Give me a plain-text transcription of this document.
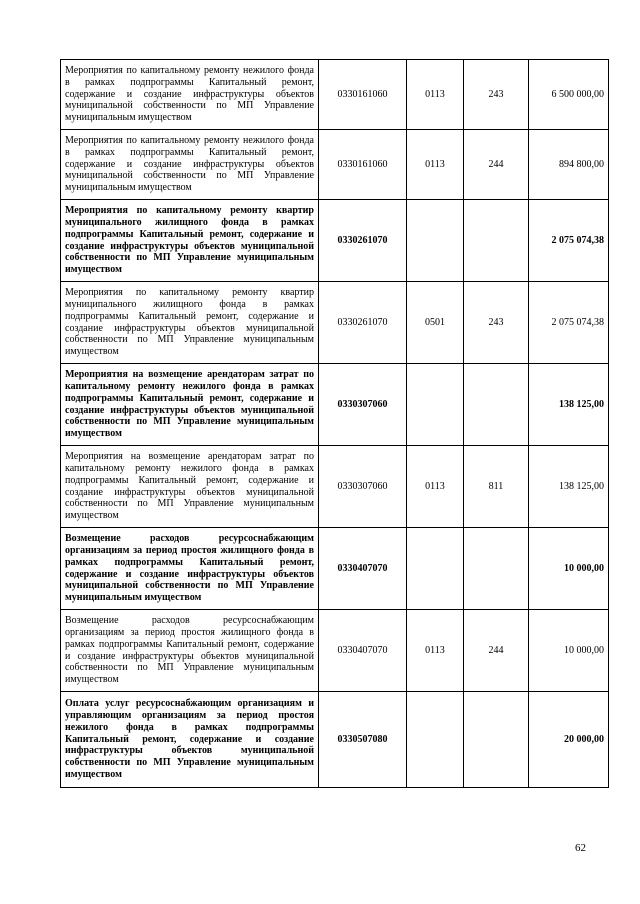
Мероприятия по капитальному ремонту нежилого фонда в рамках подпрограммы Капитальный ремонт, содержание и создание инфраструктуры объектов муниципальной собственности по МП Управление муниципальным имуществом	0330161060	0113	243	6 500 000,00
Мероприятия по капитальному ремонту нежилого фонда в рамках подпрограммы Капитальный ремонт, содержание и создание инфраструктуры объектов муниципальной собственности по МП Управление муниципальным имуществом	0330161060	0113	244	894 800,00
Мероприятия по капитальному ремонту квартир муниципального жилищного фонда в рамках подпрограммы Капитальный ремонт, содержание и создание инфраструктуры объектов муниципальной собственности по МП Управление муниципальным имуществом	0330261070			2 075 074,38
Мероприятия по капитальному ремонту квартир муниципального жилищного фонда в рамках подпрограммы Капитальный ремонт, содержание и создание инфраструктуры объектов муниципальной собственности по МП Управление муниципальным имуществом	0330261070	0501	243	2 075 074,38
Мероприятия на возмещение арендаторам затрат по капитальному ремонту нежилого фонда в рамках подпрограммы Капитальный ремонт, содержание и создание инфраструктуры объектов муниципальной собственности по МП Управление муниципальным имуществом	0330307060			138 125,00
Мероприятия на возмещение арендаторам затрат по капитальному ремонту нежилого фонда в рамках подпрограммы Капитальный ремонт, содержание и создание инфраструктуры объектов муниципальной собственности по МП Управление муниципальным имуществом	0330307060	0113	811	138 125,00
Возмещение расходов ресурсоснабжающим организациям за период простоя жилищного фонда в рамках подпрограммы Капитальный ремонт, содержание и создание инфраструктуры объектов муниципальной собственности по МП Управление муниципальным имуществом	0330407070			10 000,00
Возмещение расходов ресурсоснабжающим организациям за период простоя жилищного фонда в рамках подпрограммы Капитальный ремонт, содержание и создание инфраструктуры объектов муниципальной собственности по МП Управление муниципальным имуществом	0330407070	0113	244	10 000,00
Оплата услуг ресурсоснабжающим организациям и управляющим организациям за период простоя нежилого фонда в рамках подпрограммы Капитальный ремонт, содержание и создание инфраструктуры объектов муниципальной собственности по МП Управление муниципальным имуществом	0330507080			20 000,00
62
